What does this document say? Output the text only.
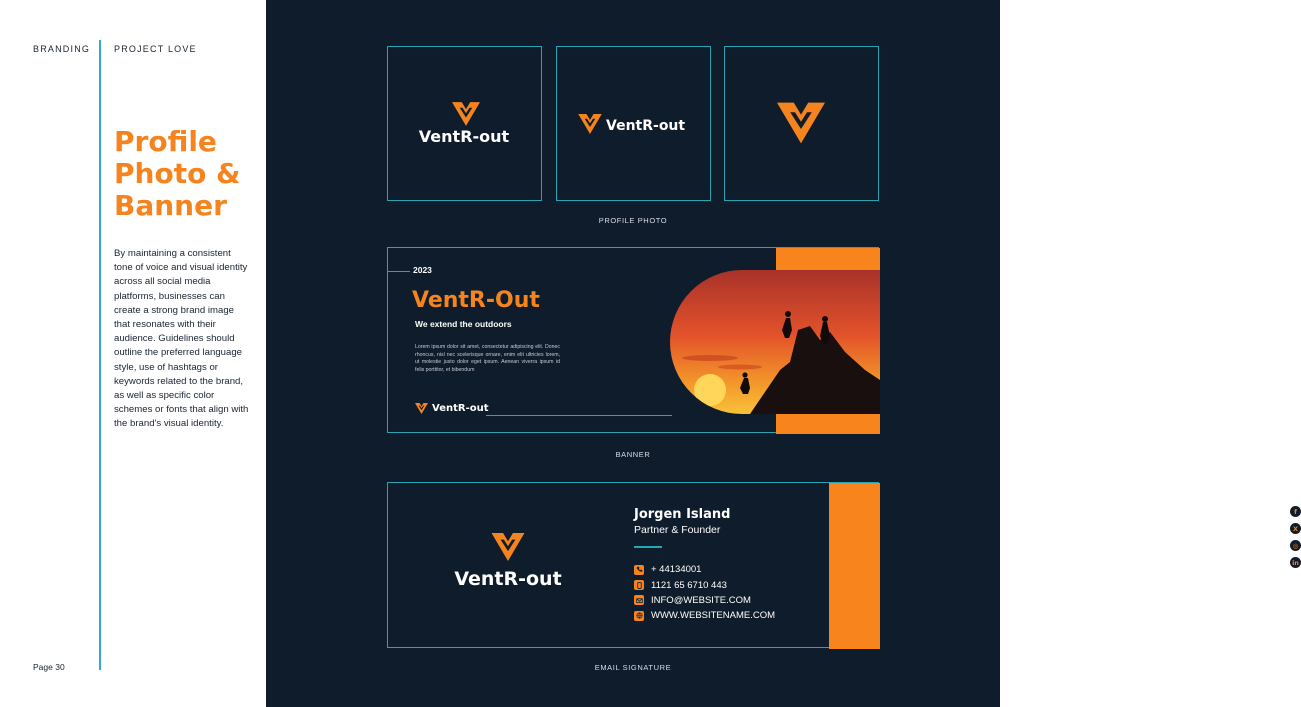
BRANDING	PROJECT LOVE
Profile Photo & Banner

By maintaining a consistent tone of voice and visual identity across all social media platforms, businesses can create a strong brand image that resonates with their audience. Guidelines should outline the preferred language style, use of hashtags or keywords related to the brand, as well as specific color schemes or fonts that align with the brand's visual identity.

Page 30
VentR-out
VentR-out
PROFILE PHOTO
2023
VentR-Out
We extend the outdoors
Lorem ipsum dolor sit amet, consectetur adipiscing elit. Donec rhoncus, nisl nec scelerisque ornare, enim elit ultricies lorem, ut molestie justo dolor eget ipsum. Aenean viverra ipsum id felis porttitor, et bibendum
VentR-out
BANNER
VentR-out
Jorgen Island
Partner & Founder
+ 44134001
1121 65 6710 443
INFO@WEBSITE.COM
WWW.WEBSITENAME.COM
f
X
◎
in
EMAIL SIGNATURE
